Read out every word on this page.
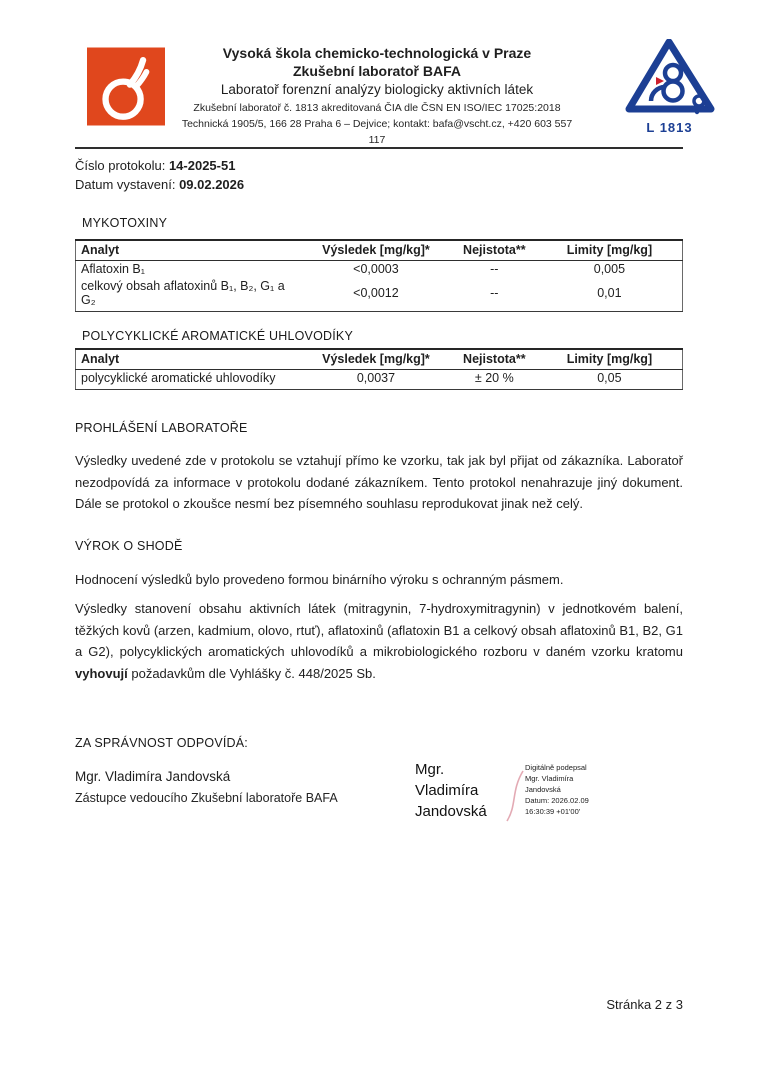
Vysoká škola chemicko-technologická v Praze
Zkušební laboratoř BAFA
Laboratoř forenzní analýzy biologicky aktivních látek
Zkušební laboratoř č. 1813 akreditovaná ČIA dle ČSN EN ISO/IEC 17025:2018
Technická 1905/5, 166 28 Praha 6 – Dejvice; kontakt: bafa@vscht.cz, +420 603 557 117
L 1813
Číslo protokolu: 14-2025-51
Datum vystavení: 09.02.2026
MYKOTOXINY
Analyt	Výsledek [mg/kg]*	Nejistota**	Limity [mg/kg]
Aflatoxin B₁	<0,0003	--	0,005
celkový obsah aflatoxinů B₁, B₂, G₁ a G₂	<0,0012	--	0,01
POLYCYKLICKÉ AROMATICKÉ UHLOVODÍKY
Analyt	Výsledek [mg/kg]*	Nejistota**	Limity [mg/kg]
polycyklické aromatické uhlovodíky	0,0037	± 20 %	0,05
PROHLÁŠENÍ LABORATOŘE

Výsledky uvedené zde v protokolu se vztahují přímo ke vzorku, tak jak byl přijat od zákazníka. Laboratoř nezodpovídá za informace v protokolu dodané zákazníkem. Tento protokol nenahrazuje jiný dokument. Dále se protokol o zkoušce nesmí bez písemného souhlasu reprodukovat jinak než celý.

VÝROK O SHODĚ

Hodnocení výsledků bylo provedeno formou binárního výroku s ochranným pásmem.

Výsledky stanovení obsahu aktivních látek (mitragynin, 7-hydroxymitragynin) v jednotkovém balení, těžkých kovů (arzen, kadmium, olovo, rtuť), aflatoxinů (aflatoxin B1 a celkový obsah aflatoxinů B1, B2, G1 a G2), polycyklických aromatických uhlovodíků a mikrobiologického rozboru v daném vzorku kratomu vyhovují požadavkům dle Vyhlášky č. 448/2025 Sb.

ZA SPRÁVNOST ODPOVÍDÁ:
Mgr. Vladimíra Jandovská
Zástupce vedoucího Zkušební laboratoře BAFA
Mgr.
Vladimíra
Jandovská
Digitálně podepsal
Mgr. Vladimíra
Jandovská
Datum: 2026.02.09
16:30:39 +01'00'
Stránka 2 z 3
